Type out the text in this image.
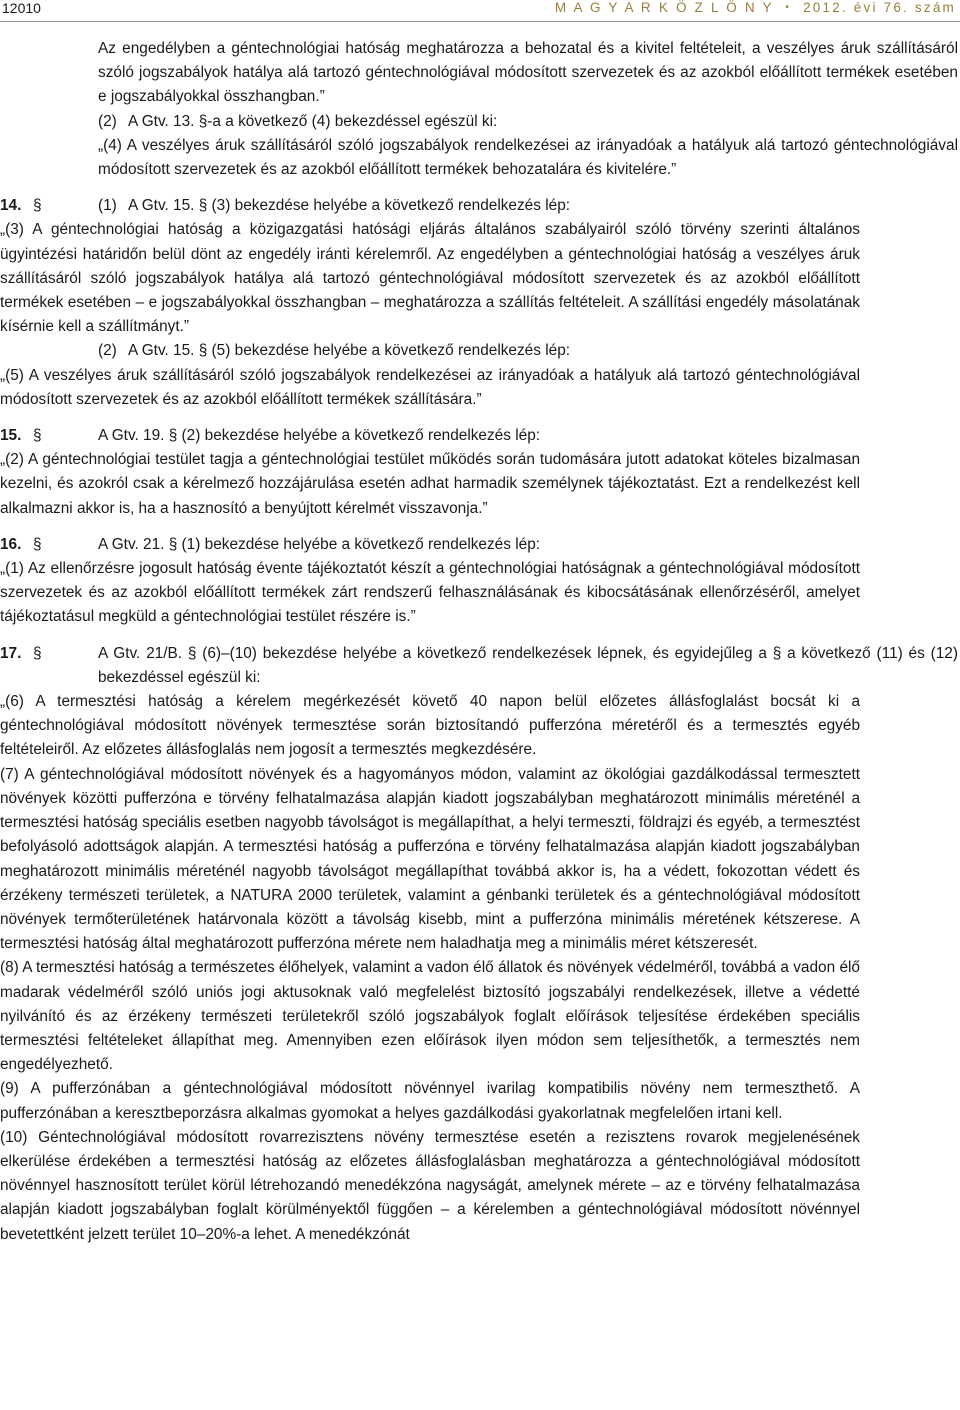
12010	M A G Y A R K Ö Z L Ö N Y • 2012. évi 76. szám

Az engedélyben a géntechnológiai hatóság meghatározza a behozatal és a kivitel feltételeit, a veszélyes áruk szállításáról szóló jogszabályok hatálya alá tartozó géntechnológiával módosított szervezetek és az azokból előállított termékek esetében e jogszabályokkal összhangban.”

(2) A Gtv. 13. §-a a következő (4) bekezdéssel egészül ki:

„(4) A veszélyes áruk szállításáról szóló jogszabályok rendelkezései az irányadóak a hatályuk alá tartozó géntechnológiával módosított szervezetek és az azokból előállított termékek behozatalára és kivitelére.”

14. §	(1) A Gtv. 15. § (3) bekezdése helyébe a következő rendelkezés lép:

„(3) A géntechnológiai hatóság a közigazgatási hatósági eljárás általános szabályairól szóló törvény szerinti általános ügyintézési határidőn belül dönt az engedély iránti kérelemről. Az engedélyben a géntechnológiai hatóság a veszélyes áruk szállításáról szóló jogszabályok hatálya alá tartozó géntechnológiával módosított szervezetek és az azokból előállított termékek esetében – e jogszabályokkal összhangban – meghatározza a szállítás feltételeit. A szállítási engedély másolatának kísérnie kell a szállítmányt.”

(2) A Gtv. 15. § (5) bekezdése helyébe a következő rendelkezés lép:

„(5) A veszélyes áruk szállításáról szóló jogszabályok rendelkezései az irányadóak a hatályuk alá tartozó géntechnológiával módosított szervezetek és az azokból előállított termékek szállítására.”

15. §	A Gtv. 19. § (2) bekezdése helyébe a következő rendelkezés lép:

„(2) A géntechnológiai testület tagja a géntechnológiai testület működés során tudomására jutott adatokat köteles bizalmasan kezelni, és azokról csak a kérelmező hozzájárulása esetén adhat harmadik személynek tájékoztatást. Ezt a rendelkezést kell alkalmazni akkor is, ha a hasznosító a benyújtott kérelmét visszavonja.”

16. §	A Gtv. 21. § (1) bekezdése helyébe a következő rendelkezés lép:

„(1) Az ellenőrzésre jogosult hatóság évente tájékoztatót készít a géntechnológiai hatóságnak a géntechnológiával módosított szervezetek és az azokból előállított termékek zárt rendszerű felhasználásának és kibocsátásának ellenőrzéséről, amelyet tájékoztatásul megküld a géntechnológiai testület részére is.”

17. §	A Gtv. 21/B. § (6)–(10) bekezdése helyébe a következő rendelkezések lépnek, és egyidejűleg a § a következő (11) és (12) bekezdéssel egészül ki:

„(6) A termesztési hatóság a kérelem megérkezését követő 40 napon belül előzetes állásfoglalást bocsát ki a géntechnológiával módosított növények termesztése során biztosítandó pufferzóna méretéről és a termesztés egyéb feltételeiről. Az előzetes állásfoglalás nem jogosít a termesztés megkezdésére.

(7) A géntechnológiával módosított növények és a hagyományos módon, valamint az ökológiai gazdálkodással termesztett növények közötti pufferzóna e törvény felhatalmazása alapján kiadott jogszabályban meghatározott minimális méreténél a termesztési hatóság speciális esetben nagyobb távolságot is megállapíthat, a helyi termeszti, földrajzi és egyéb, a termesztést befolyásoló adottságok alapján. A termesztési hatóság a pufferzóna e törvény felhatalmazása alapján kiadott jogszabályban meghatározott minimális méreténél nagyobb távolságot megállapíthat továbbá akkor is, ha a védett, fokozottan védett és érzékeny természeti területek, a NATURA 2000 területek, valamint a génbanki területek és a géntechnológiával módosított növények termőterületének határvonala között a távolság kisebb, mint a pufferzóna minimális méretének kétszerese. A termesztési hatóság által meghatározott pufferzóna mérete nem haladhatja meg a minimális méret kétszeresét.

(8) A termesztési hatóság a természetes élőhelyek, valamint a vadon élő állatok és növények védelméről, továbbá a vadon élő madarak védelméről szóló uniós jogi aktusoknak való megfelelést biztosító jogszabályi rendelkezések, illetve a védetté nyilvánító és az érzékeny természeti területekről szóló jogszabályok foglalt előírások teljesítése érdekében speciális termesztési feltételeket állapíthat meg. Amennyiben ezen előírások ilyen módon sem teljesíthetők, a termesztés nem engedélyezhető.

(9) A pufferzónában a géntechnológiával módosított növénnyel ivarilag kompatibilis növény nem termeszthető. A pufferzónában a keresztbeporzásra alkalmas gyomokat a helyes gazdálkodási gyakorlatnak megfelelően irtani kell.

(10) Géntechnológiával módosított rovarrezisztens növény termesztése esetén a rezisztens rovarok megjelenésének elkerülése érdekében a termesztési hatóság az előzetes állásfoglalásban meghatározza a géntechnológiával módosított növénnyel hasznosított terület körül létrehozandó menedékzóna nagyságát, amelynek mérete – az e törvény felhatalmazása alapján kiadott jogszabályban foglalt körülményektől függően – a kérelemben a géntechnológiával módosított növénnyel bevetettként jelzett terület 10–20%-a lehet. A menedékzónát
